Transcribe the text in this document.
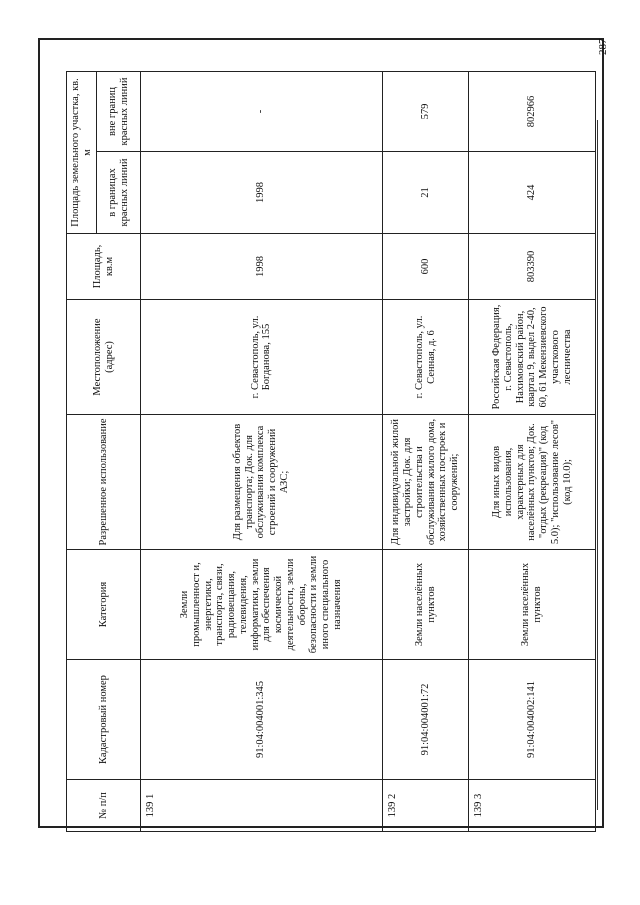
287
№ п/п	Кадастровый номер	Категория	Разрешенное использование	Местоположение (адрес)	Площадь, кв.м	Площадь земельного участка, кв. м	
						в границах красных линий	вне границ красных линий
139 1	91:04:004001:345	Земли промышленност и, энергетики, транспорта, связи, радиовещания, телевидения, информатики, земли для обеспечения космической деятельности, земли обороны, безопасности и земли иного специального назначения	Для размещения объектов транспорта; Док. для обслуживания комплекса строений и сооружений АЗС;	г. Севастополь, ул. Богданова, 155	1998	1998	-
139 2	91:04:004001:72	Земли населённых пунктов	Для индивидуальной жилой застройки; Док. для строительства и обслуживания жилого дома, хозяйственных построек и сооружений;	г. Севастополь, ул. Сенная, д. 6	600	21	579
139 3	91:04:004002:141	Земли населённых пунктов	Для иных видов использования, характерных для населённых пунктов; Док. "отдых (рекреация)" (код 5.0); "использование лесов" (код 10.0);	Российская Федерация, г. Севастополь, Нахимовский район, квартал 9, выдел 2-40, 60, 61 Мекензиевского участкового лесничества	803390	424	802966
